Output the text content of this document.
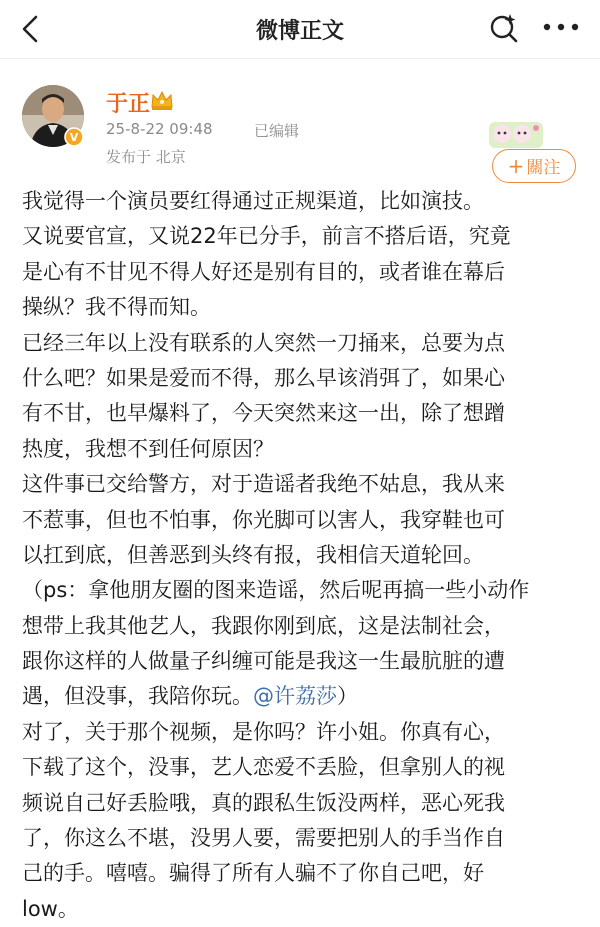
微博正文
V
于正
+ 關注
25-8-22 09:48	已编辑
发布于 北京
我觉得一个演员要红得通过正规渠道，比如演技。
又说要官宣，又说22年已分手，前言不搭后语，究竟
是心有不甘见不得人好还是别有目的，或者谁在幕后
操纵？我不得而知。
已经三年以上没有联系的人突然一刀捅来，总要为点
什么吧？如果是爱而不得，那么早该消弭了，如果心
有不甘，也早爆料了，今天突然来这一出，除了想蹭
热度，我想不到任何原因？
这件事已交给警方，对于造谣者我绝不姑息，我从来
不惹事，但也不怕事，你光脚可以害人，我穿鞋也可
以扛到底，但善恶到头终有报，我相信天道轮回。
（ps：拿他朋友圈的图来造谣，然后呢再搞一些小动作
想带上我其他艺人，我跟你刚到底，这是法制社会，
跟你这样的人做量子纠缠可能是我这一生最肮脏的遭
遇，但没事，我陪你玩。@许荔莎）
对了，关于那个视频，是你吗？许小姐。你真有心，
下载了这个，没事，艺人恋爱不丢脸，但拿别人的视
频说自己好丢脸哦，真的跟私生饭没两样，恶心死我
了，你这么不堪，没男人要，需要把别人的手当作自
己的手。嘻嘻。骗得了所有人骗不了你自己吧，好
low。
